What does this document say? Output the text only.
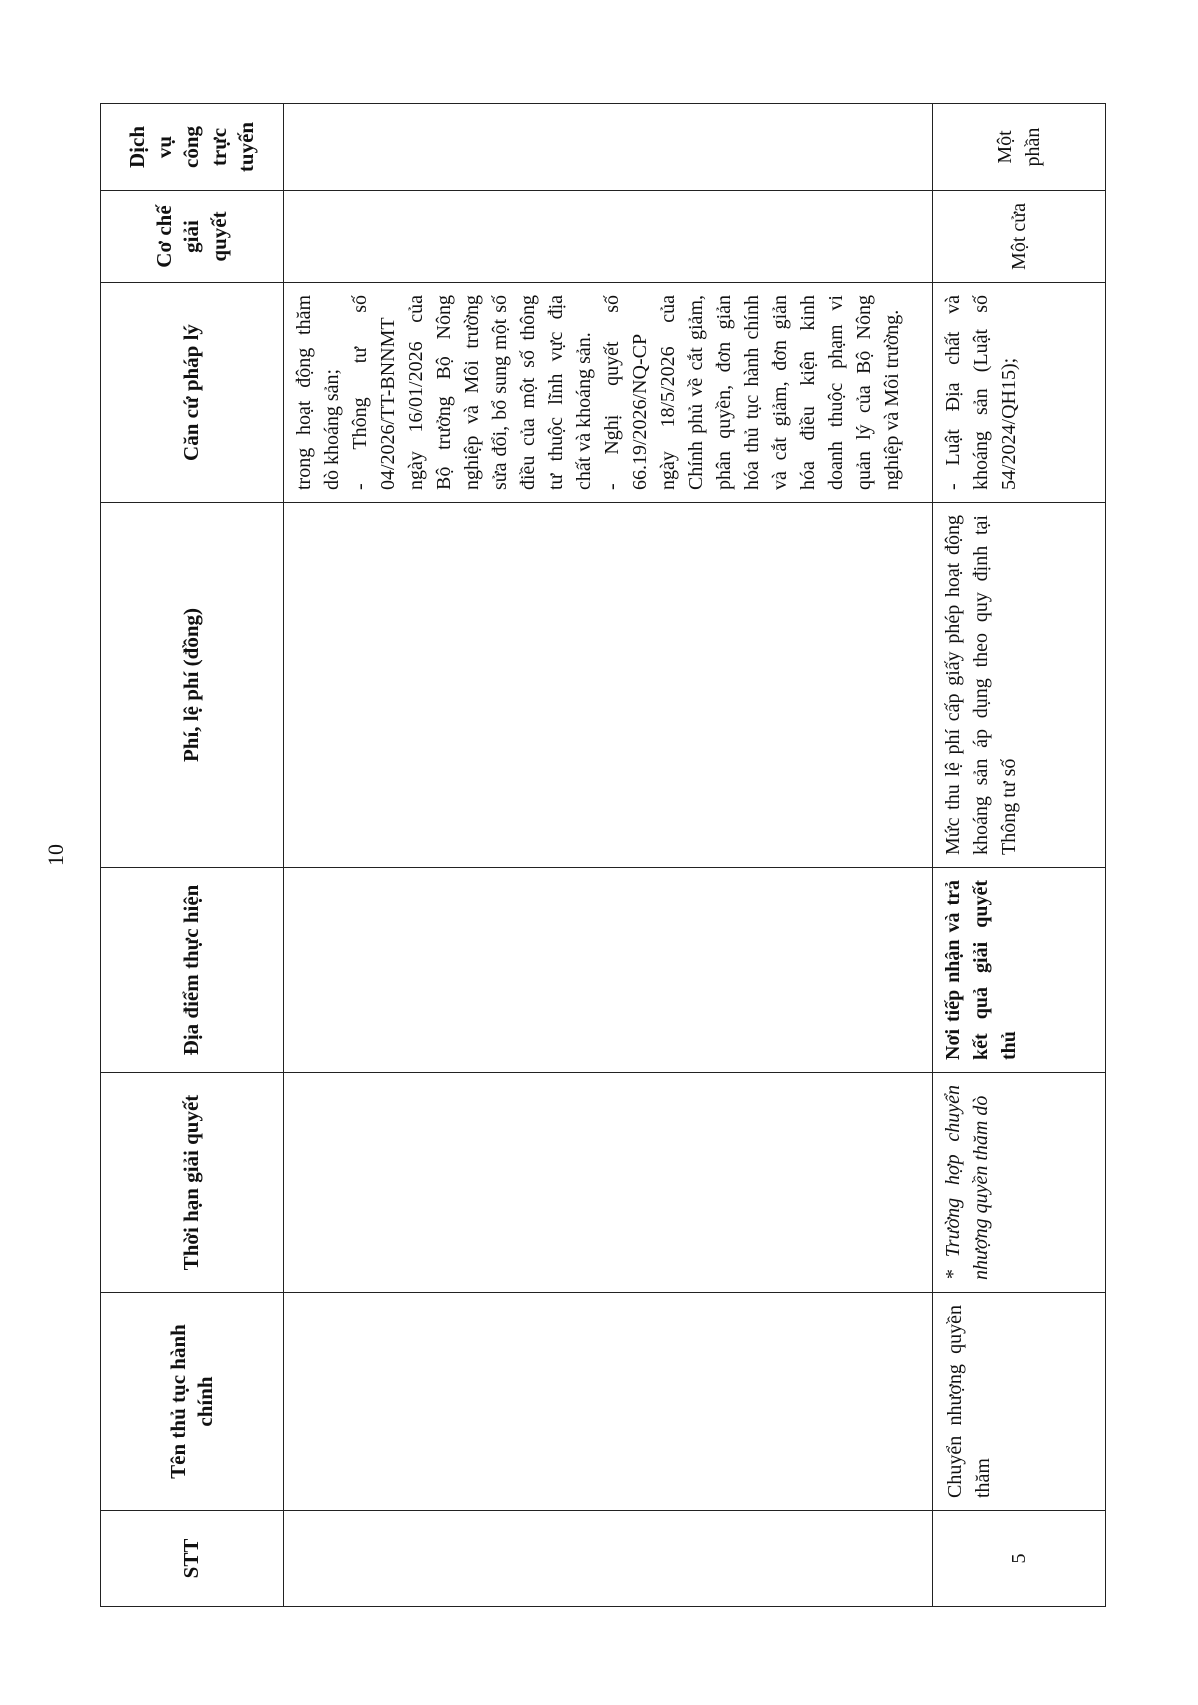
10
STT	Tên thủ tục hành chính	Thời hạn giải quyết	Địa điểm thực hiện	Phí, lệ phí (đồng)	Căn cứ pháp lý	Cơ chế giải quyết	Dịch vụ công trực tuyến

					trong hoạt động thăm dò khoáng sản; - Thông tư số 04/2026/TT-BNNMT ngày 16/01/2026 của Bộ trưởng Bộ Nông nghiệp và Môi trường sửa đổi, bổ sung một số điều của một số thông tư thuộc lĩnh vực địa chất và khoáng sản. - Nghị quyết số 66.19/2026/NQ-CP ngày 18/5/2026 của Chính phủ về cắt giảm, phân quyền, đơn giản hóa thủ tục hành chính và cắt giảm, đơn giản hóa điều kiện kinh doanh thuộc phạm vi quản lý của Bộ Nông nghiệp và Môi trường.		

5	Chuyển nhượng quyền thăm	* Trường hợp chuyển nhượng quyền thăm dò	Nơi tiếp nhận và trả kết quả giải quyết thủ	Mức thu lệ phí cấp giấy phép hoạt động khoáng sản áp dụng theo quy định tại Thông tư số	- Luật Địa chất và khoáng sản (Luật số 54/2024/QH15);	Một cửa	Một phần
